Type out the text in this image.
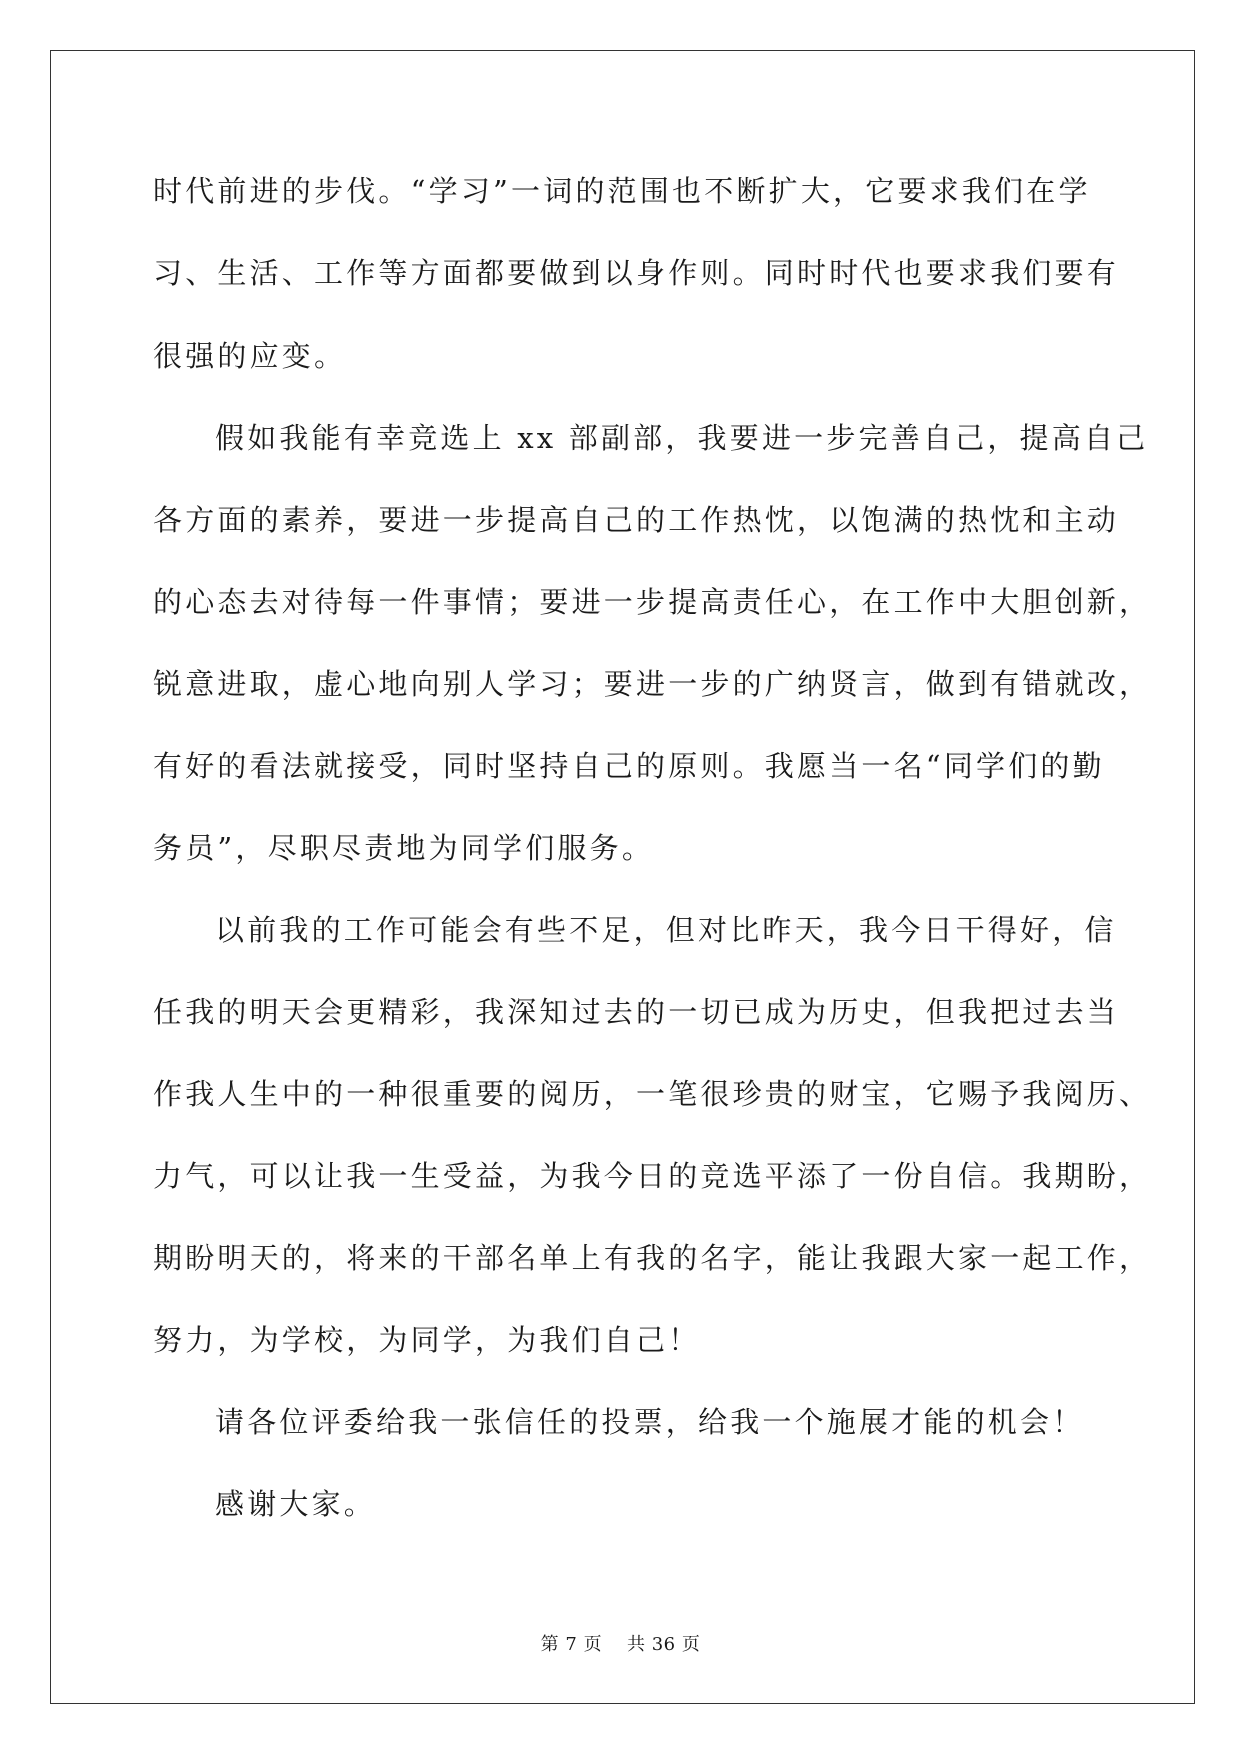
时代前进的步伐。“学习”一词的范围也不断扩大，它要求我们在学
习、生活、工作等方面都要做到以身作则。同时时代也要求我们要有
很强的应变。
假如我能有幸竞选上 xx 部副部，我要进一步完善自己，提高自己
各方面的素养，要进一步提高自己的工作热忱，以饱满的热忱和主动
的心态去对待每一件事情；要进一步提高责任心，在工作中大胆创新，
锐意进取，虚心地向别人学习；要进一步的广纳贤言，做到有错就改，
有好的看法就接受，同时坚持自己的原则。我愿当一名“同学们的勤
务员”，尽职尽责地为同学们服务。
以前我的工作可能会有些不足，但对比昨天，我今日干得好，信
任我的明天会更精彩，我深知过去的一切已成为历史，但我把过去当
作我人生中的一种很重要的阅历，一笔很珍贵的财宝，它赐予我阅历、
力气，可以让我一生受益，为我今日的竞选平添了一份自信。我期盼，
期盼明天的，将来的干部名单上有我的名字，能让我跟大家一起工作，
努力，为学校，为同学，为我们自己！
请各位评委给我一张信任的投票，给我一个施展才能的机会！
感谢大家。
第 7 页 共 36 页
